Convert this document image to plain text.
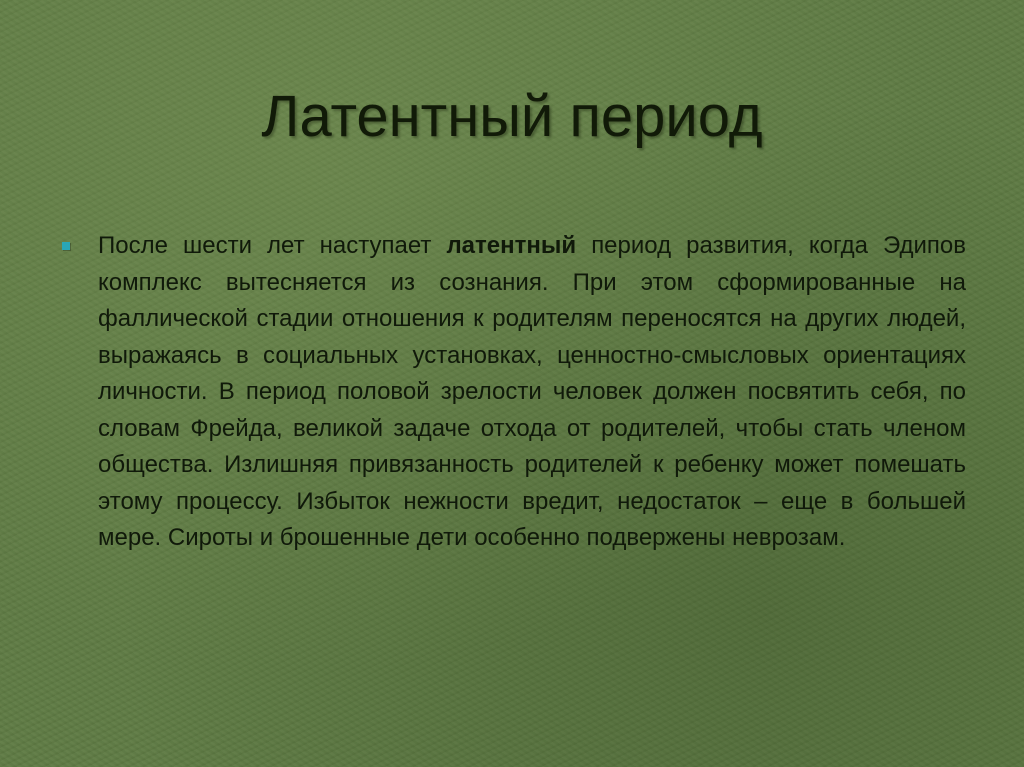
Латентный период

После шести лет наступает латентный период развития, когда Эдипов комплекс вытесняется из сознания. При этом сформированные на фаллической стадии отношения к родителям переносятся на других людей, выражаясь в социальных установках, ценностно-смысловых ориентациях личности. В период половой зрелости человек должен посвятить себя, по словам Фрейда, великой задаче отхода от родителей, чтобы стать членом общества. Излишняя привязанность родителей к ребенку может помешать этому процессу. Избыток нежности вредит, недостаток – еще в большей мере. Сироты и брошенные дети особенно подвержены неврозам.
